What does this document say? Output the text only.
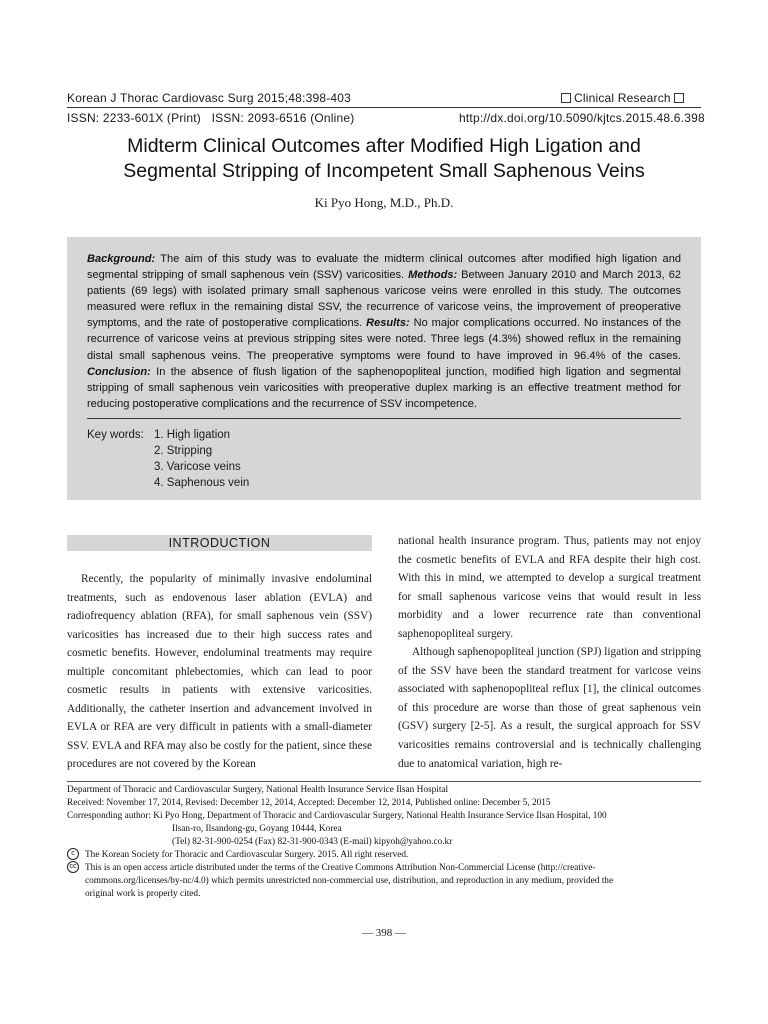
Korean J Thorac Cardiovasc Surg 2015;48:398-403	Clinical Research
ISSN: 2233-601X (Print)   ISSN: 2093-6516 (Online)	http://dx.doi.org/10.5090/kjtcs.2015.48.6.398
Midterm Clinical Outcomes after Modified High Ligation and
Segmental Stripping of Incompetent Small Saphenous Veins
Ki Pyo Hong, M.D., Ph.D.
Background: The aim of this study was to evaluate the midterm clinical outcomes after modified high ligation and segmental stripping of small saphenous vein (SSV) varicosities. Methods: Between January 2010 and March 2013, 62 patients (69 legs) with isolated primary small saphenous varicose veins were enrolled in this study. The outcomes measured were reflux in the remaining distal SSV, the recurrence of varicose veins, the improvement of preoperative symptoms, and the rate of postoperative complications. Results: No major complications occurred. No instances of the recurrence of varicose veins at previous stripping sites were noted. Three legs (4.3%) showed reflux in the remaining distal small saphenous veins. The preoperative symptoms were found to have improved in 96.4% of the cases. Conclusion: In the absence of flush ligation of the saphenopopliteal junction, modified high ligation and segmental stripping of small saphenous vein varicosities with preoperative duplex marking is an effective treatment method for reducing postoperative complications and the recurrence of SSV incompetence.
Key words: 1. High ligation
2. Stripping
3. Varicose veins
4. Saphenous vein
INTRODUCTION

Recently, the popularity of minimally invasive endoluminal treatments, such as endovenous laser ablation (EVLA) and radiofrequency ablation (RFA), for small saphenous vein (SSV) varicosities has increased due to their high success rates and cosmetic benefits. However, endoluminal treatments may require multiple concomitant phlebectomies, which can lead to poor cosmetic results in patients with extensive varicosities. Additionally, the catheter insertion and advancement involved in EVLA or RFA are very difficult in patients with a small-diameter SSV. EVLA and RFA may also be costly for the patient, since these procedures are not covered by the Korean

national health insurance program. Thus, patients may not enjoy the cosmetic benefits of EVLA and RFA despite their high cost. With this in mind, we attempted to develop a surgical treatment for small saphenous varicose veins that would result in less morbidity and a lower recurrence rate than conventional saphenopopliteal surgery.

Although saphenopopliteal junction (SPJ) ligation and stripping of the SSV have been the standard treatment for varicose veins associated with saphenopopliteal reflux [1], the clinical outcomes of this procedure are worse than those of great saphenous vein (GSV) surgery [2-5]. As a result, the surgical approach for SSV varicosities remains controversial and is technically challenging due to anatomical variation, high re-

Department of Thoracic and Cardiovascular Surgery, National Health Insurance Service Ilsan Hospital
Received: November 17, 2014, Revised: December 12, 2014, Accepted: December 12, 2014, Published online: December 5, 2015
Corresponding author: Ki Pyo Hong, Department of Thoracic and Cardiovascular Surgery, National Health Insurance Service Ilsan Hospital, 100
Ilsan-ro, Ilsandong-gu, Goyang 10444, Korea
(Tel) 82-31-900-0254 (Fax) 82-31-900-0343 (E-mail) kipyoh@yahoo.co.kr
c The Korean Society for Thoracic and Cardiovascular Surgery. 2015. All right reserved.
cc This is an open access article distributed under the terms of the Creative Commons Attribution Non-Commercial License (http://creative-
commons.org/licenses/by-nc/4.0) which permits unrestricted non-commercial use, distribution, and reproduction in any medium, provided the
original work is properly cited.
— 398 —
